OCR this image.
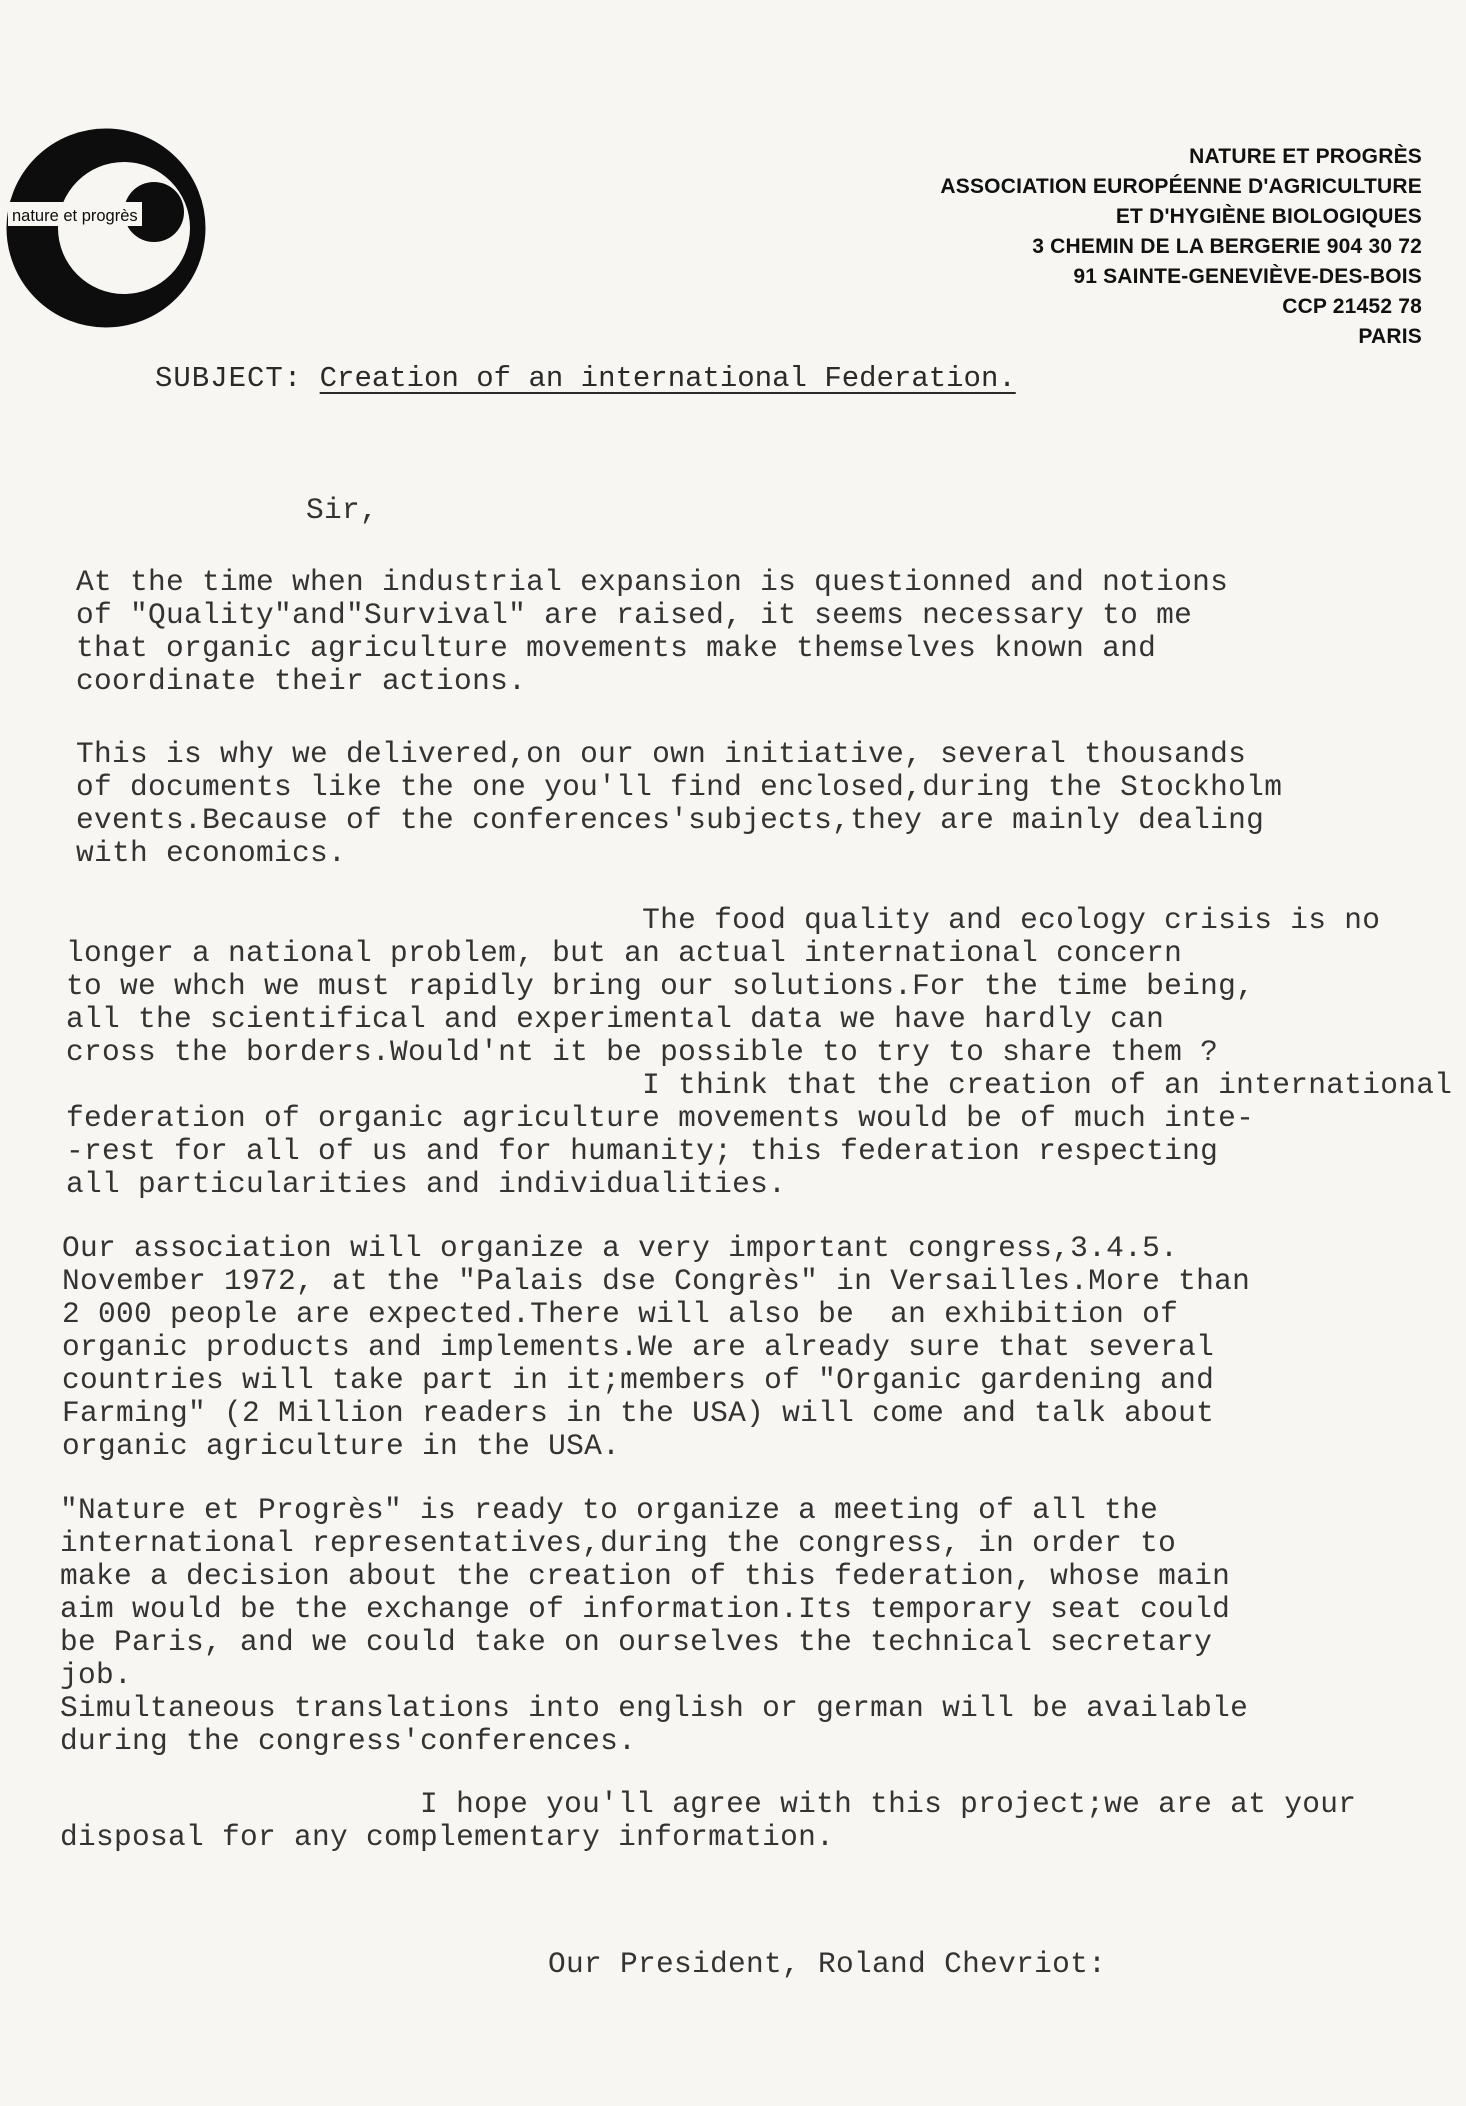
nature et progrès
NATURE ET PROGRÈS
ASSOCIATION EUROPÉENNE D'AGRICULTURE
ET D'HYGIÈNE BIOLOGIQUES
3 CHEMIN DE LA BERGERIE 904 30 72
91 SAINTE-GENEVIÈVE-DES-BOIS
CCP 21452 78
PARIS
SUBJECT: Creation of an international Federation.
Sir,
At the time when industrial expansion is questionned and notions
of "Quality"and"Survival" are raised, it seems necessary to me
that organic agriculture movements make themselves known and
coordinate their actions.
This is why we delivered,on our own initiative, several thousands
of documents like the one you'll find enclosed,during the Stockholm
events.Because of the conferences'subjects,they are mainly dealing
with economics.
The food quality and ecology crisis is no
longer a national problem, but an actual international concern
to we whch we must rapidly bring our solutions.For the time being,
all the scientifical and experimental data we have hardly can
cross the borders.Would'nt it be possible to try to share them ?
I think that the creation of an international
federation of organic agriculture movements would be of much inte-
-rest for all of us and for humanity; this federation respecting
all particularities and individualities.
Our association will organize a very important congress,3.4.5.
November 1972, at the "Palais dse Congrès" in Versailles.More than
2 000 people are expected.There will also be  an exhibition of
organic products and implements.We are already sure that several
countries will take part in it;members of "Organic gardening and
Farming" (2 Million readers in the USA) will come and talk about
organic agriculture in the USA.
"Nature et Progrès" is ready to organize a meeting of all the
international representatives,during the congress, in order to
make a decision about the creation of this federation, whose main
aim would be the exchange of information.Its temporary seat could
be Paris, and we could take on ourselves the technical secretary
job.
Simultaneous translations into english or german will be available
during the congress'conferences.
I hope you'll agree with this project;we are at your
disposal for any complementary information.
Our President, Roland Chevriot:
